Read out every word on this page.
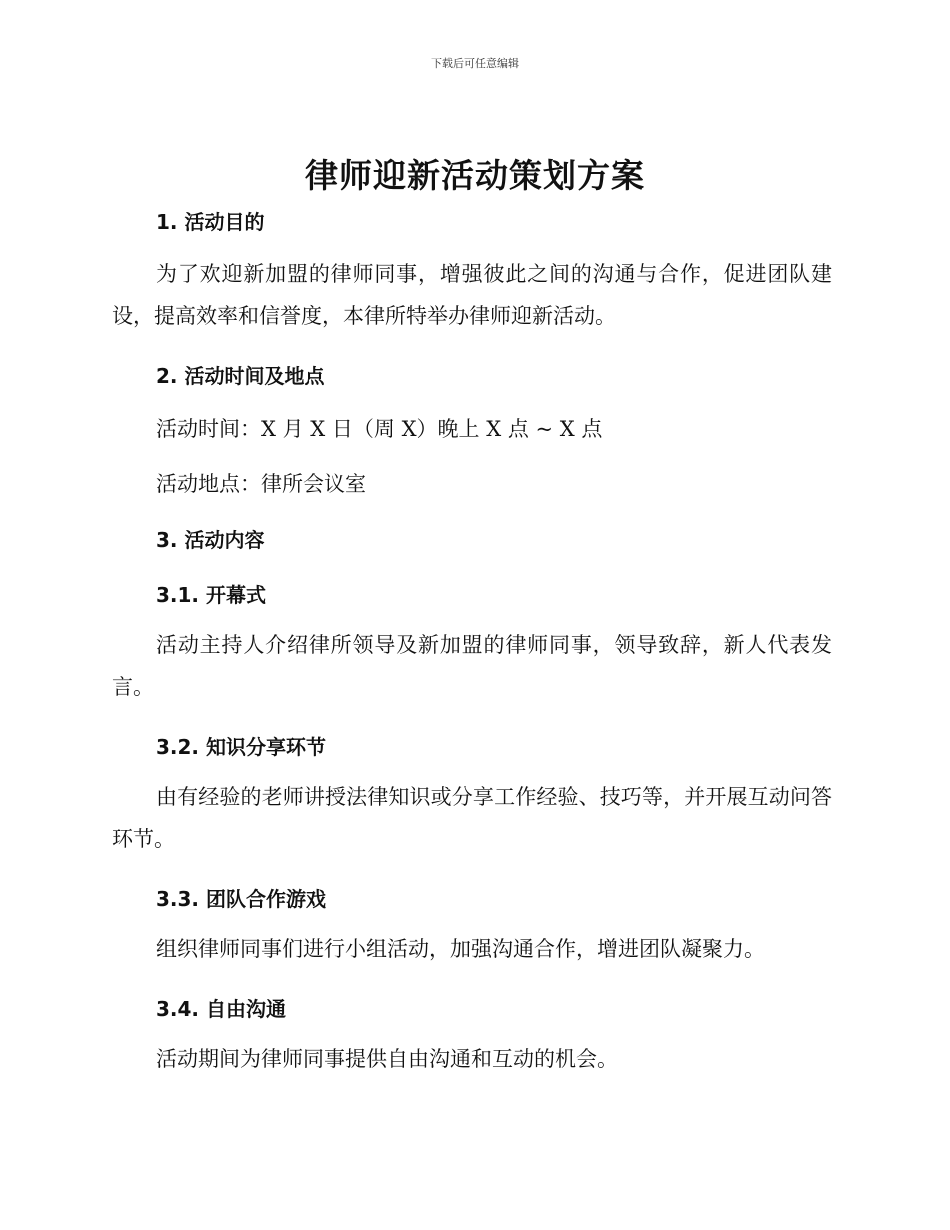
下载后可任意编辑
律师迎新活动策划方案
1. 活动目的
为了欢迎新加盟的律师同事，增强彼此之间的沟通与合作，促进团队建设，提高效率和信誉度，本律所特举办律师迎新活动。
2. 活动时间及地点
活动时间：X 月 X 日（周 X）晚上 X 点 ~ X 点
活动地点：律所会议室
3. 活动内容
3.1. 开幕式
活动主持人介绍律所领导及新加盟的律师同事，领导致辞，新人代表发言。
3.2. 知识分享环节
由有经验的老师讲授法律知识或分享工作经验、技巧等，并开展互动问答环节。
3.3. 团队合作游戏
组织律师同事们进行小组活动，加强沟通合作，增进团队凝聚力。
3.4. 自由沟通
活动期间为律师同事提供自由沟通和互动的机会。
